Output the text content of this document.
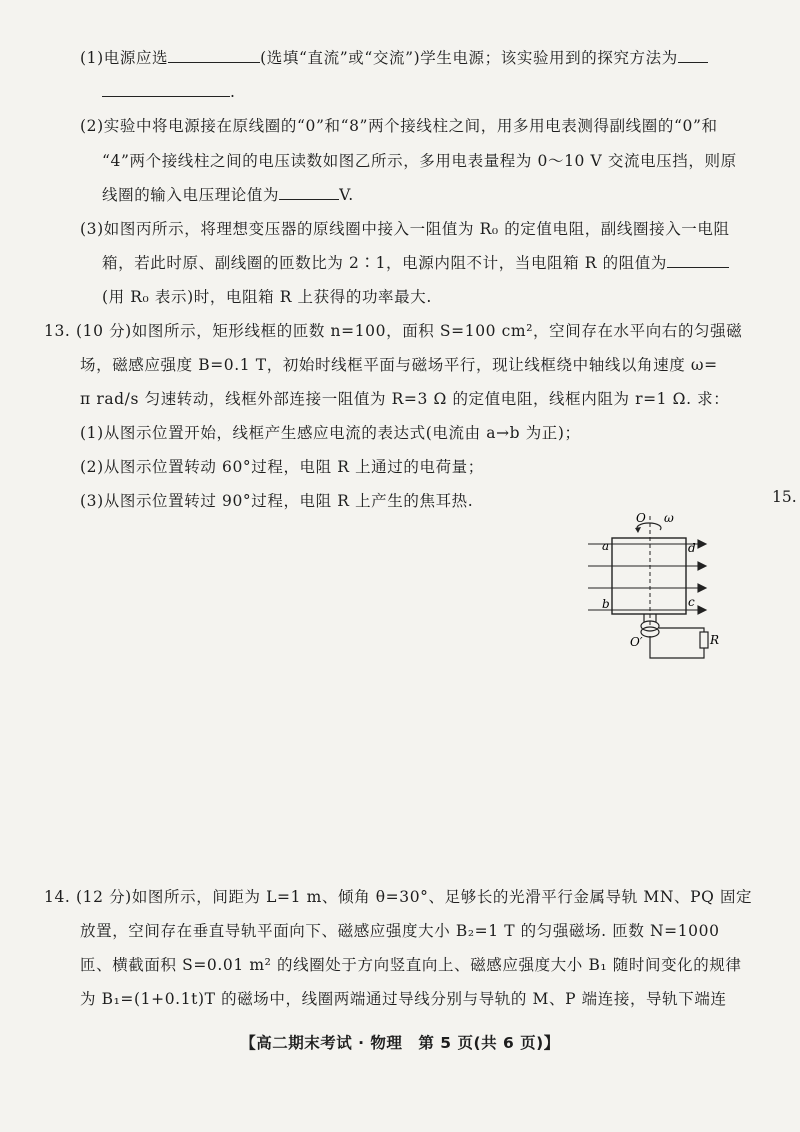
(1)电源应选	(选填“直流”或“交流”)学生电源；该实验用到的探究方法为
.
(2)实验中将电源接在原线圈的“0”和“8”两个接线柱之间，用多用电表测得副线圈的“0”和
“4”两个接线柱之间的电压读数如图乙所示，多用电表量程为 0～10 V 交流电压挡，则原
线圈的输入电压理论值为	V.
(3)如图丙所示，将理想变压器的原线圈中接入一阻值为 R₀ 的定值电阻，副线圈接入一电阻
箱，若此时原、副线圈的匝数比为 2∶1，电源内阻不计，当电阻箱 R 的阻值为
(用 R₀ 表示)时，电阻箱 R 上获得的功率最大.
13. (10 分)如图所示，矩形线框的匝数 n=100，面积 S=100 cm²，空间存在水平向右的匀强磁
场，磁感应强度 B=0.1 T，初始时线框平面与磁场平行，现让线框绕中轴线以角速度 ω=
π rad/s 匀速转动，线框外部连接一阻值为 R=3 Ω 的定值电阻，线框内阻为 r=1 Ω. 求：
(1)从图示位置开始，线框产生感应电流的表达式(电流由 a→b 为正)；
(2)从图示位置转动 60°过程，电阻 R 上通过的电荷量；
(3)从图示位置转过 90°过程，电阻 R 上产生的焦耳热.	15.
O ω
a	d
b	c
O′	R
14. (12 分)如图所示，间距为 L=1 m、倾角 θ=30°、足够长的光滑平行金属导轨 MN、PQ 固定
放置，空间存在垂直导轨平面向下、磁感应强度大小 B₂=1 T 的匀强磁场. 匝数 N=1000
匝、横截面积 S=0.01 m² 的线圈处于方向竖直向上、磁感应强度大小 B₁ 随时间变化的规律
为 B₁=(1+0.1t)T 的磁场中，线圈两端通过导线分别与导轨的 M、P 端连接，导轨下端连
【高二期末考试 · 物理　第 5 页(共 6 页)】
